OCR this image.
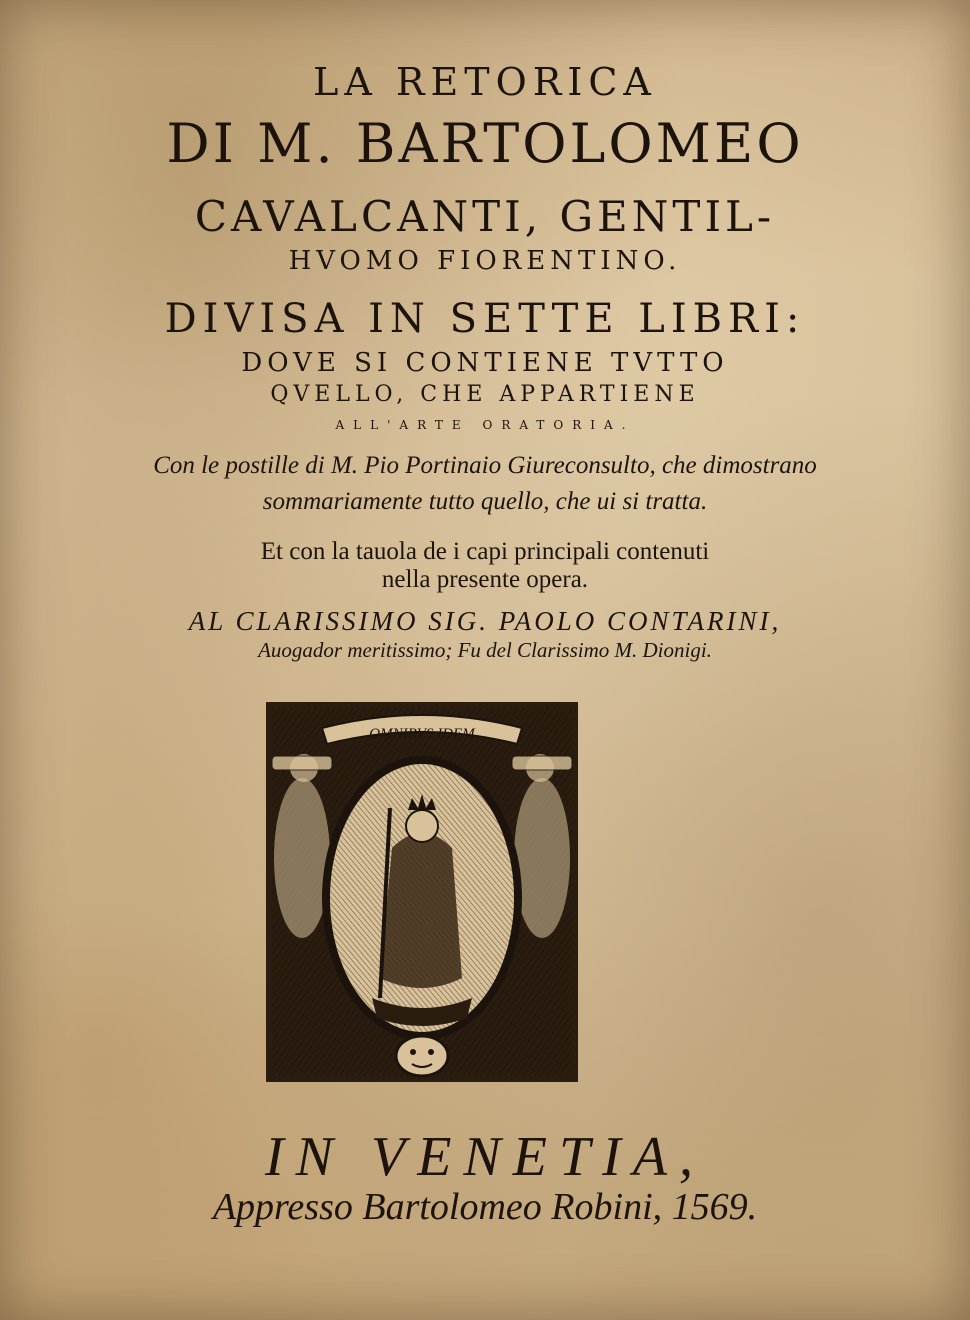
LA RETORICA
DI M. BARTOLOMEO
CAVALCANTI, GENTIL-
HVOMO FIORENTINO.
DIVISA IN SETTE LIBRI:
DOVE SI CONTIENE TVTTO
QVELLO, CHE APPARTIENE
ALL'ARTE ORATORIA.
Con le postille di M. Pio Portinaio Giureconsulto, che dimostrano
sommariamente tutto quello, che ui si tratta.
Et con la tauola de i capi principali contenuti
nella presente opera.
AL CLARISSIMO SIG. PAOLO CONTARINI,
Auogador meritissimo; Fu del Clarissimo M. Dionigi.
OMNIBVS IDEM
IN VENETIA,
Appresso Bartolomeo Robini, 1569.
